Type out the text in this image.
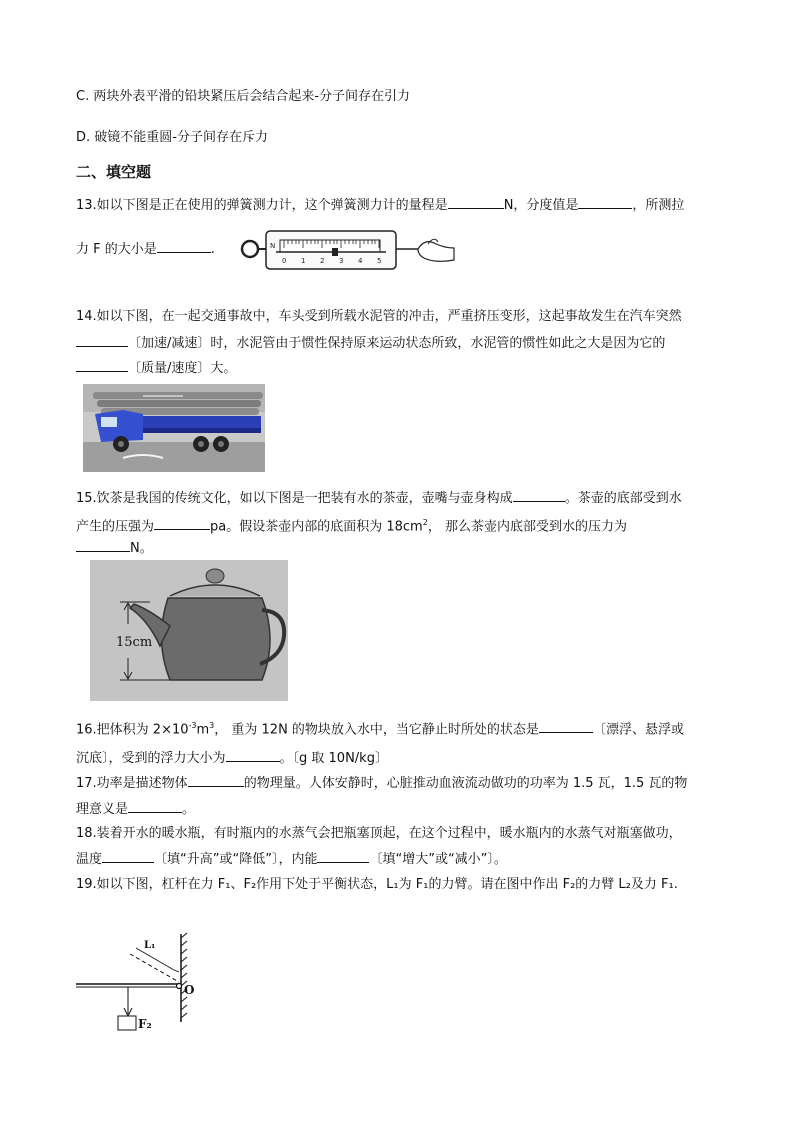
C. 两块外表平滑的铅块紧压后会结合起来-分子间存在引力
D. 破镜不能重圆-分子间存在斥力
二、填空题
13.如以下图是正在使用的弹簧测力计，这个弹簧测力计的量程是	N，分度值是	，所测拉
力 F 的大小是	.
0 1 2 3 4 5
N
14.如以下图，在一起交通事故中，车头受到所载水泥管的冲击，严重挤压变形，这起事故发生在汽车突然
〔加速/减速〕时，水泥管由于惯性保持原来运动状态所致，水泥管的惯性如此之大是因为它的
〔质量/速度〕大。
15.饮茶是我国的传统文化，如以下图是一把装有水的茶壶，壶嘴与壶身构成	。茶壶的底部受到水
产生的压强为	pa。假设茶壶内部的底面积为 $18cm^2$， 那么茶壶内底部受到水的压力为
N。
15cm
16.把体积为 $2\times 10^{-3}m^3$， 重为 12N 的物块放入水中，当它静止时所处的状态是	〔漂浮、悬浮或
沉底〕，受到的浮力大小为	。〔g 取 10N/kg〕
17.功率是描述物体	的物理量。人体安静时，心脏推动血液流动做功的功率为 1.5 瓦，1.5 瓦的物
理意义是	。
18.装着开水的暖水瓶，有时瓶内的水蒸气会把瓶塞顶起，在这个过程中，暖水瓶内的水蒸气对瓶塞做功，
温度	〔填“升高”或“降低”〕，内能	〔填“增大”或“减小”〕。
19.如以下图，杠杆在力 F₁、F₂作用下处于平衡状态，L₁为 F₁的力臂。请在图中作出 F₂的力臂 L₂及力 F₁.
L₁
O
F₂
